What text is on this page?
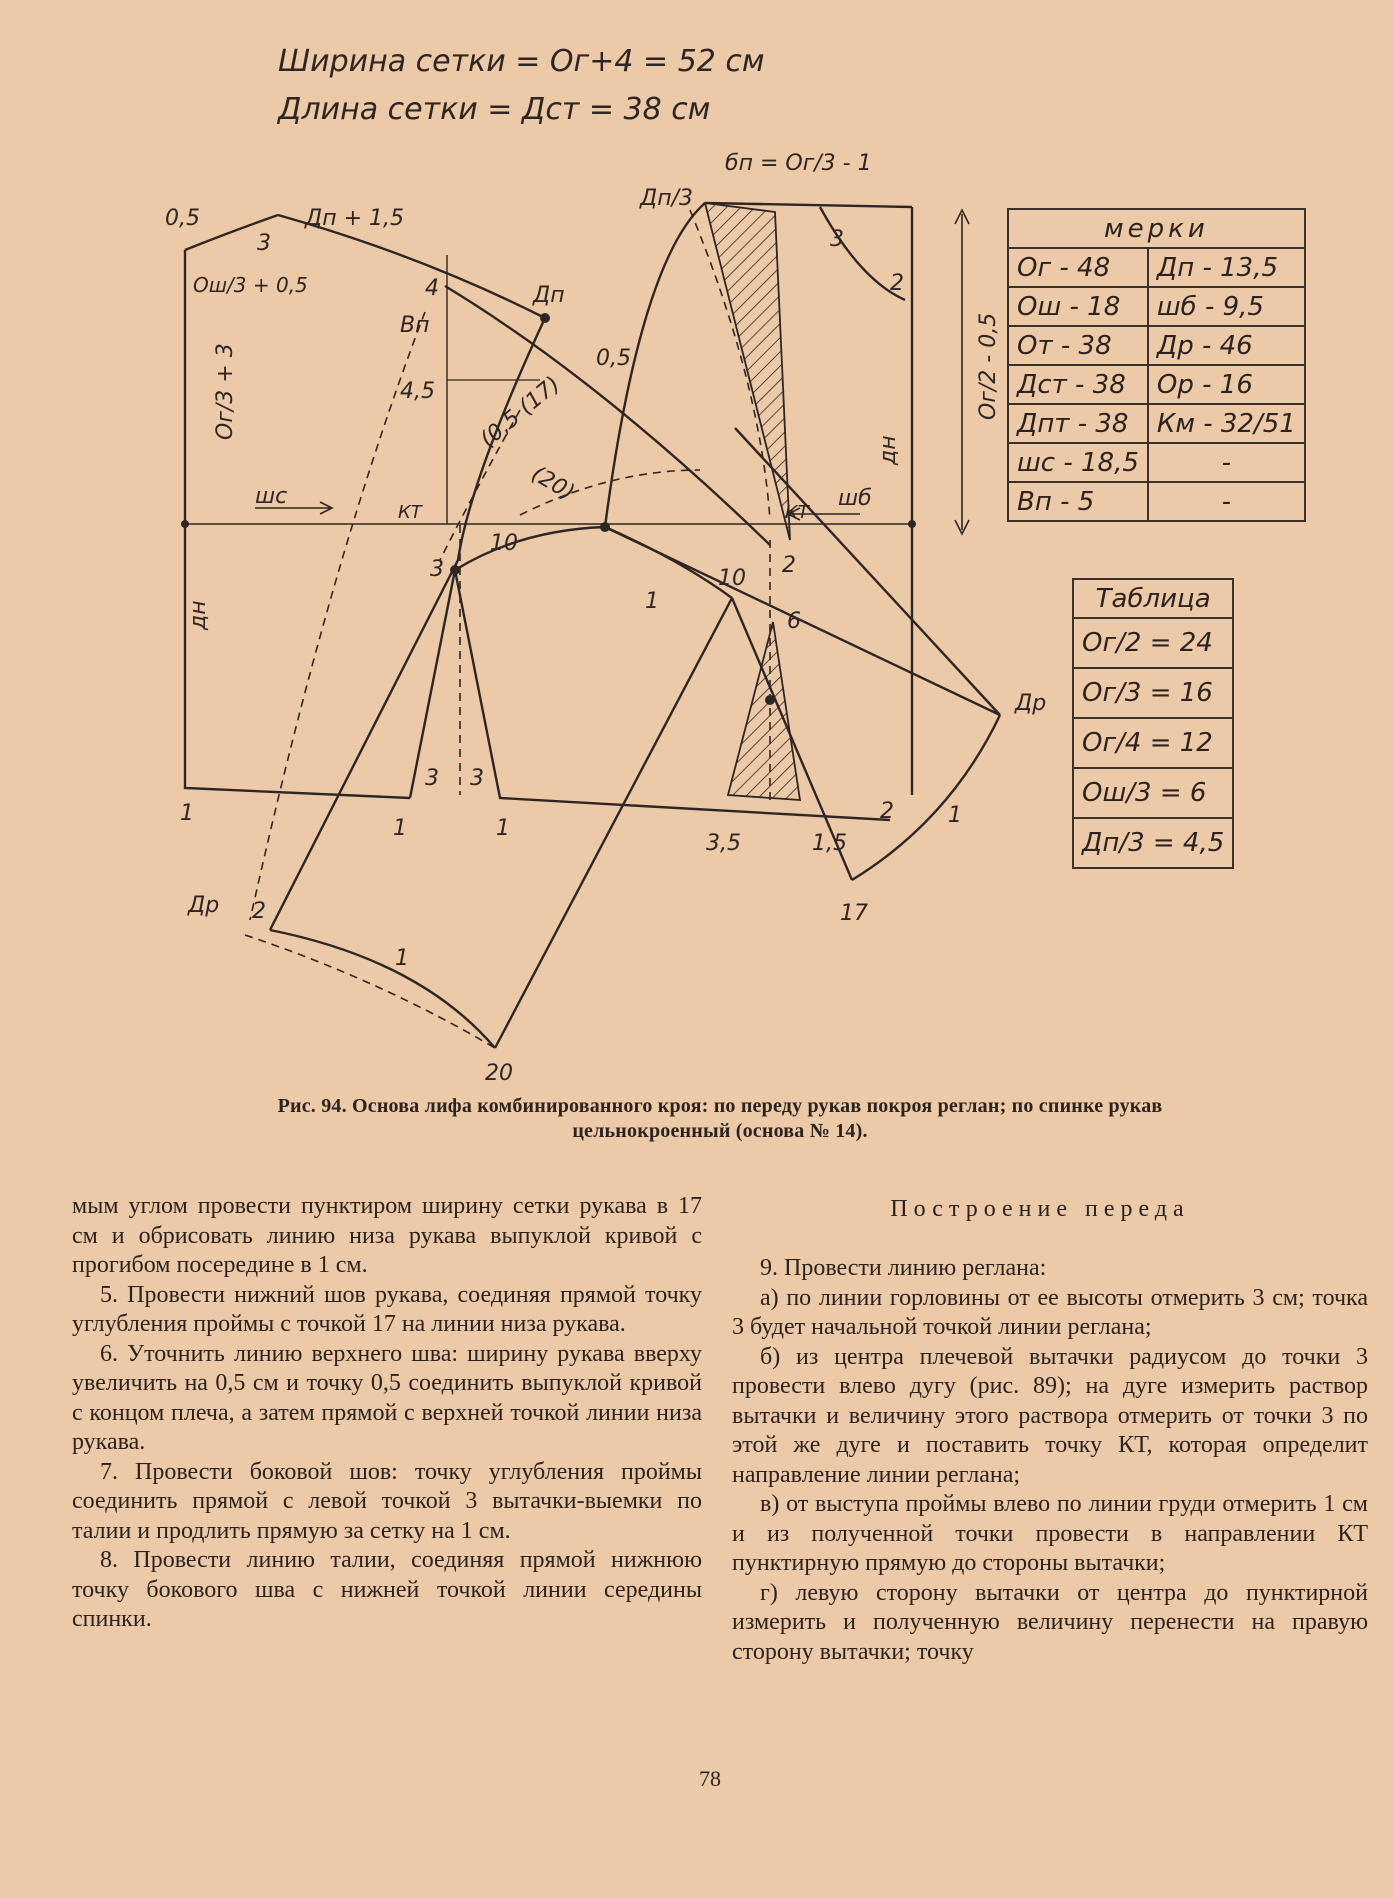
Ширина сетки = Ог+4 = 52 см
Длина сетки = Дст = 38 см
бп = Ог/3 - 1
Дп/3
Дп + 1,5
0,5
3
Ош/3 + 0,5	4	Дп
Вп
4,5
0,5
3
2
шс
КТ	КТ
шб
(0,5 (17)
(20)
10
10
3
6
2
1
1
1	1
3 3
3,5	1,5
2 1
17
Др
Др 2
1
20
дн
дн
Ог/3 + 3	Ог/2 - 0,5
мерки	
Ог - 48	Дп - 13,5
Ош - 18	шб - 9,5
От - 38	Др - 46
Дст - 38	Ор - 16
Дпт - 38	Км - 32/51
шс - 18,5	-
Вп - 5	-
Таблица
Ог/2 = 24
Ог/3 = 16
Ог/4 = 12
Ош/3 = 6
Дп/3 = 4,5
Рис. 94. Основа лифа комбинированного кроя: по переду рукав покроя реглан; по спинке рукав
цельнокроенный (основа № 14).

мым углом провести пунктиром ширину сетки рукава в 17 см и обрисовать линию низа рукава выпуклой кривой с прогибом посередине в 1 см.

5. Провести нижний шов рукава, соединяя прямой точку углубления проймы с точкой 17 на линии низа рукава.

6. Уточнить линию верхнего шва: ширину рукава вверху увеличить на 0,5 см и точку 0,5 соединить выпуклой кривой с концом плеча, а затем прямой с верхней точкой линии низа рукава.

7. Провести боковой шов: точку углубления проймы соединить прямой с левой точкой 3 вытачки-выемки по талии и продлить прямую за сетку на 1 см.

8. Провести линию талии, соединяя прямой нижнюю точку бокового шва с нижней точкой линии середины спинки.

Построение переда

9. Провести линию реглана:

а) по линии горловины от ее высоты отмерить 3 см; точка 3 будет начальной точкой линии реглана;

б) из центра плечевой вытачки радиусом до точки 3 провести влево дугу (рис. 89); на дуге измерить раствор вытачки и величину этого раствора отмерить от точки 3 по этой же дуге и поставить точку КТ, которая определит направление линии реглана;

в) от выступа проймы влево по линии груди отмерить 1 см и из полученной точки провести в направлении КТ пунктирную прямую до стороны вытачки;

г) левую сторону вытачки от центра до пунктирной измерить и полученную величину перенести на правую сторону вытачки; точку

78
